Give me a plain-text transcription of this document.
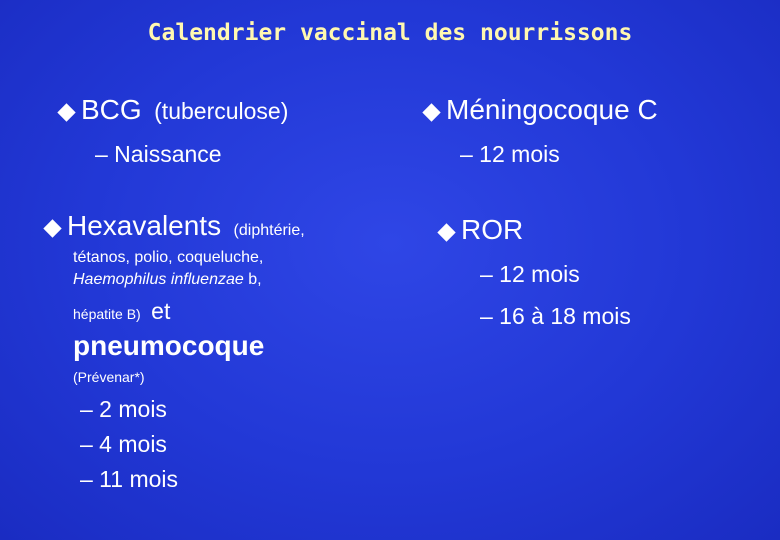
Calendrier vaccinal des nourrissons
BCG (tuberculose)
– Naissance
Hexavalents (diphtérie,
tétanos, polio, coqueluche,
Haemophilus influenzae b,
hépatite B) et
pneumocoque
(Prévenar*)
– 2 mois
– 4 mois
– 11 mois
Méningocoque C
– 12 mois
ROR
– 12 mois
– 16 à 18 mois
